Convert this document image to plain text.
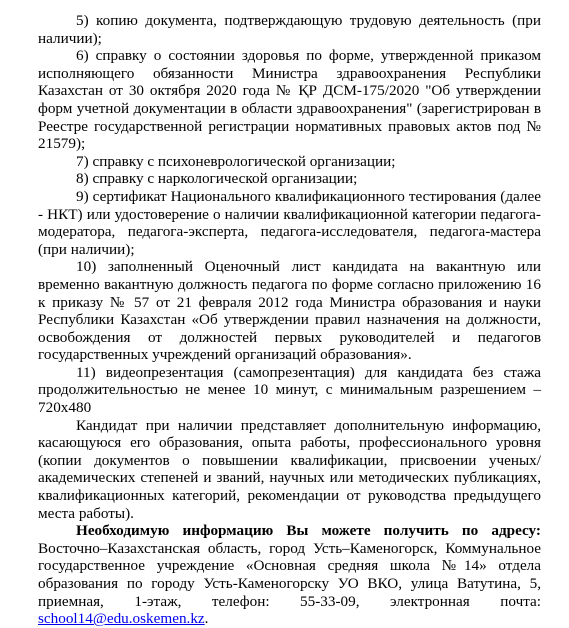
5) копию документа, подтверждающую трудовую деятельность (при наличии);

6) справку о состоянии здоровья по форме, утвержденной приказом исполняющего обязанности Министра здравоохранения Республики Казахстан от 30 октября 2020 года № ҚР ДСМ-175/2020 "Об утверждении форм учетной документации в области здравоохранения" (зарегистрирован в Реестре государственной регистрации нормативных правовых актов под № 21579);

7) справку с психоневрологической организации;

8) справку с наркологической организации;

9) сертификат Национального квалификационного тестирования (далее - НКТ) или удостоверение о наличии квалификационной категории педагога-модератора, педагога-эксперта, педагога-исследователя, педагога-мастера (при наличии);

10) заполненный Оценочный лист кандидата на вакантную или временно вакантную должность педагога по форме согласно приложению 16 к приказу № 57 от 21 февраля 2012 года Министра образования и науки Республики Казахстан «Об утверждении правил назначения на должности, освобождения от должностей первых руководителей и педагогов государственных учреждений организаций образования».

11) видеопрезентация (самопрезентация) для кандидата без стажа продолжительностью не менее 10 минут, с минимальным разрешением – 720х480

Кандидат при наличии представляет дополнительную информацию, касающуюся его образования, опыта работы, профессионального уровня (копии документов о повышении квалификации, присвоении ученых/академических степеней и званий, научных или методических публикациях, квалификационных категорий, рекомендации от руководства предыдущего места работы).

Необходимую информацию Вы можете получить по адресу: Восточно–Казахстанская область, город Усть–Каменогорск, Коммунальное государственное учреждение «Основная средняя школа №14» отдела образования по городу Усть-Каменогорску УО ВКО, улица Ватутина, 5, приемная, 1-этаж, телефон: 55-33-09, электронная почта: school14@edu.oskemen.kz.
